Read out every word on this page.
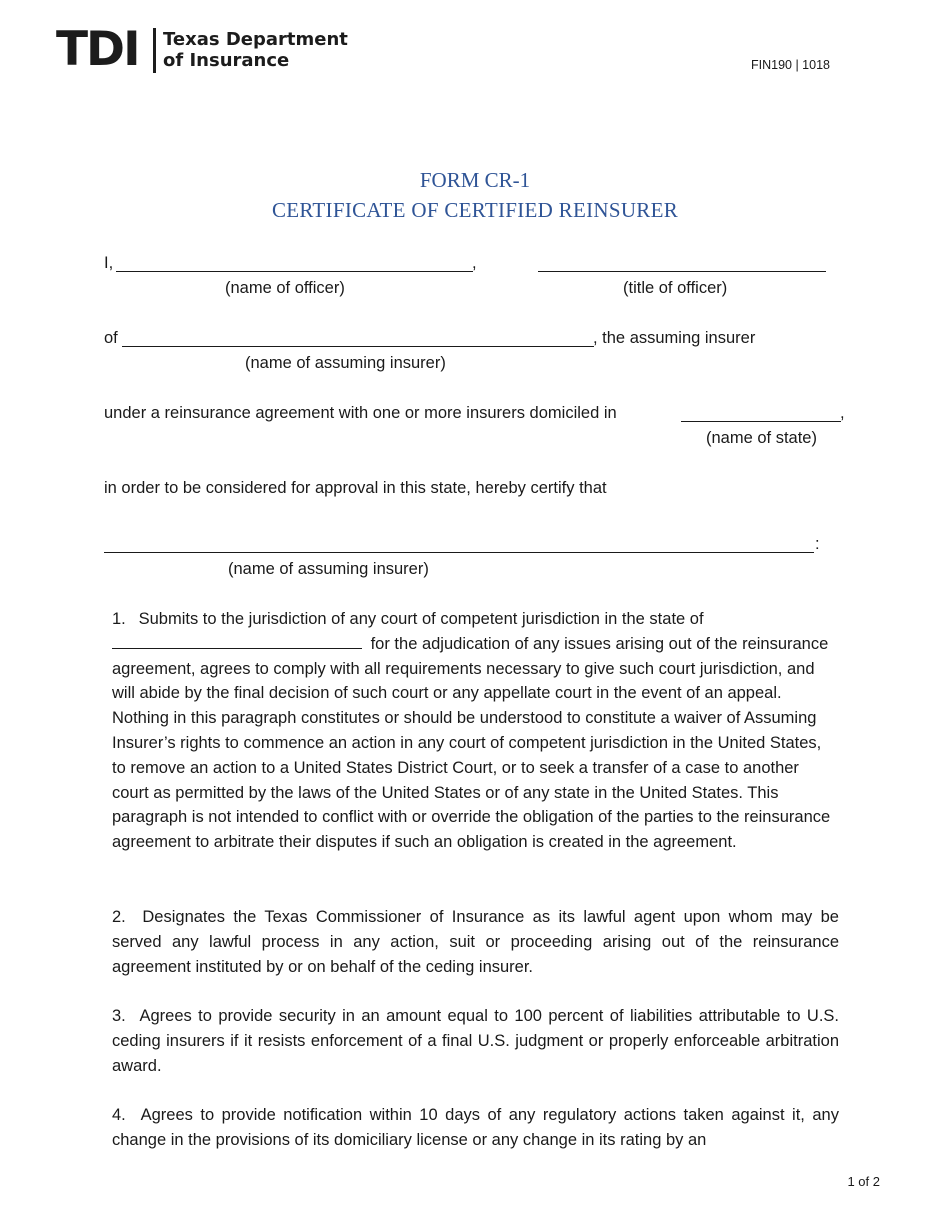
TDI Texas Department
of Insurance	FIN190 | 1018
FORM CR-1
CERTIFICATE OF CERTIFIED REINSURER
I,	,
(name of officer)	(title of officer)
of	, the assuming insurer
(name of assuming insurer)
under a reinsurance agreement with one or more insurers domiciled in	,
(name of state)
in order to be considered for approval in this state, hereby certify that
:
(name of assuming insurer)

1.  Submits to the jurisdiction of any court of competent jurisdiction in the state of
for the adjudication of any issues arising out of the reinsurance agreement, agrees to comply with all requirements necessary to give such court jurisdiction, and will abide by the final decision of such court or any appellate court in the event of an appeal. Nothing in this paragraph constitutes or should be understood to constitute a waiver of Assuming Insurer’s rights to commence an action in any court of competent jurisdiction in the United States, to remove an action to a United States District Court, or to seek a transfer of a case to another court as permitted by the laws of the United States or of any state in the United States. This paragraph is not intended to conflict with or override the obligation of the parties to the reinsurance agreement to arbitrate their disputes if such an obligation is created in the agreement.

2.  Designates the Texas Commissioner of Insurance as its lawful agent upon whom may be served any lawful process in any action, suit or proceeding arising out of the reinsurance agreement instituted by or on behalf of the ceding insurer.

3.  Agrees to provide security in an amount equal to 100 percent of liabilities attributable to U.S. ceding insurers if it resists enforcement of a final U.S. judgment or properly enforceable arbitration award.

4.  Agrees to provide notification within 10 days of any regulatory actions taken against it, any change in the provisions of its domiciliary license or any change in its rating by an

1 of 2
